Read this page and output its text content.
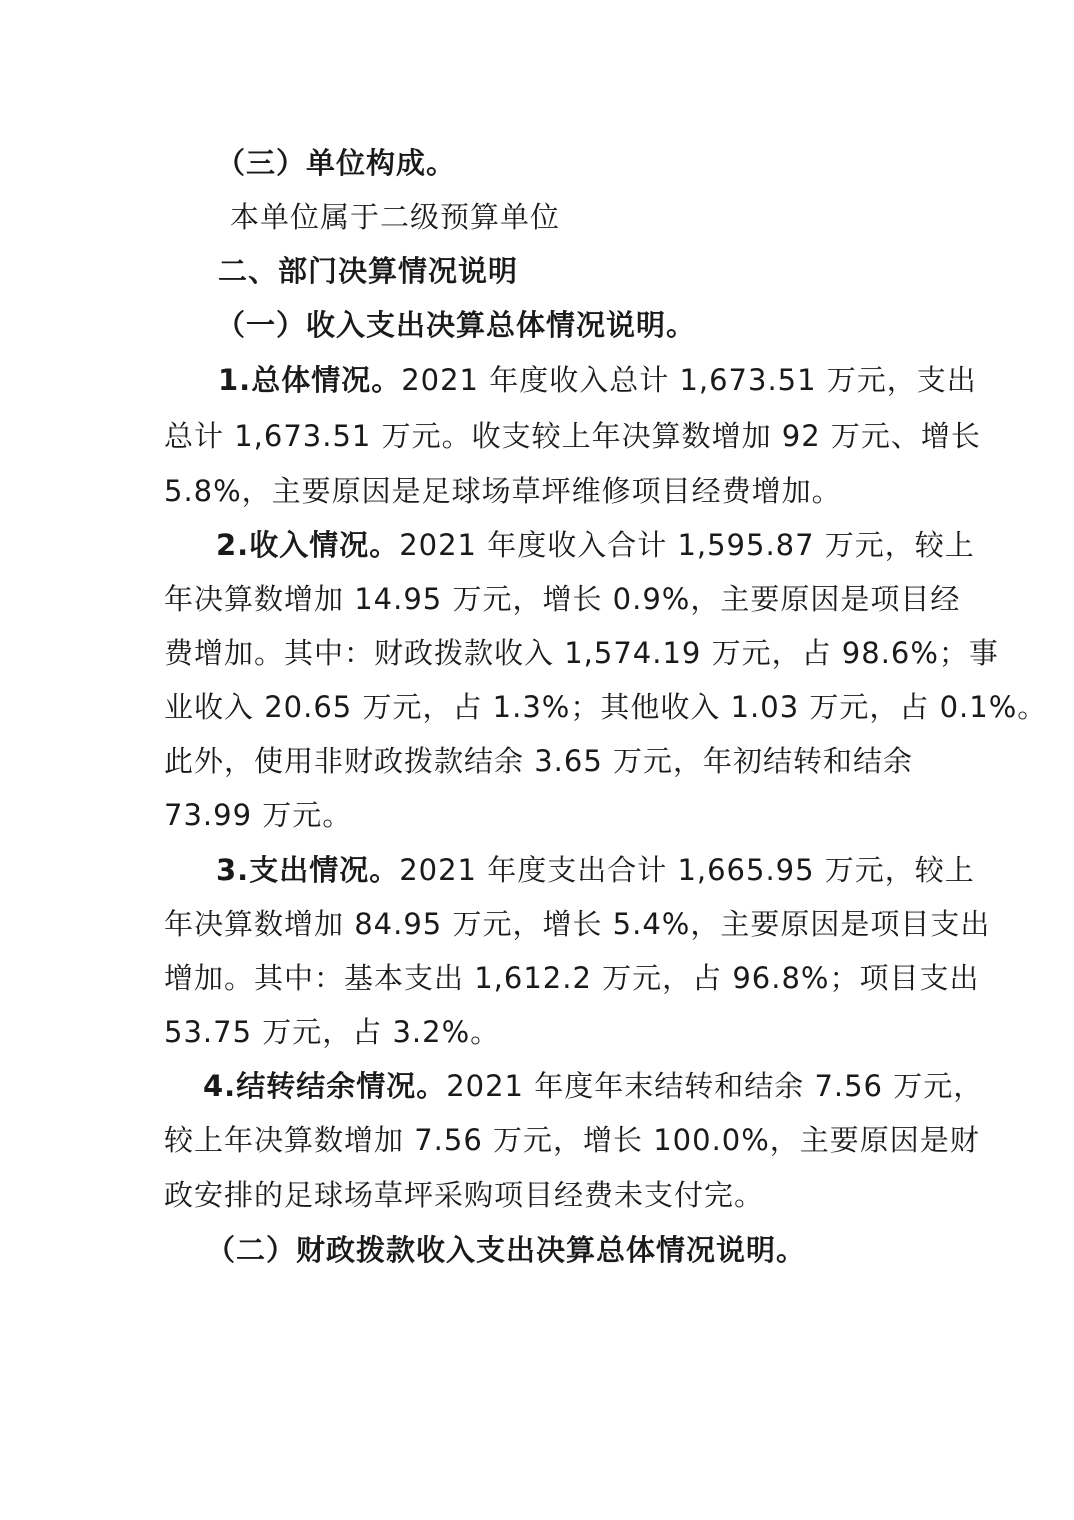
（三）单位构成。
本单位属于二级预算单位
二、部门决算情况说明
（一）收入支出决算总体情况说明。
1.总体情况。2021 年度收入总计 1,673.51 万元，支出
总计 1,673.51 万元。收支较上年决算数增加 92 万元、增长
5.8%，主要原因是足球场草坪维修项目经费增加。
2.收入情况。2021 年度收入合计 1,595.87 万元，较上
年决算数增加 14.95 万元，增长 0.9%，主要原因是项目经
费增加。其中：财政拨款收入 1,574.19 万元，占 98.6%；事
业收入 20.65 万元，占 1.3%；其他收入 1.03 万元，占 0.1%。
此外，使用非财政拨款结余 3.65 万元，年初结转和结余
73.99 万元。
3.支出情况。2021 年度支出合计 1,665.95 万元，较上
年决算数增加 84.95 万元，增长 5.4%，主要原因是项目支出
增加。其中：基本支出 1,612.2 万元，占 96.8%；项目支出
53.75 万元，占 3.2%。
4.结转结余情况。2021 年度年末结转和结余 7.56 万元，
较上年决算数增加 7.56 万元，增长 100.0%，主要原因是财
政安排的足球场草坪采购项目经费未支付完。
（二）财政拨款收入支出决算总体情况说明。
